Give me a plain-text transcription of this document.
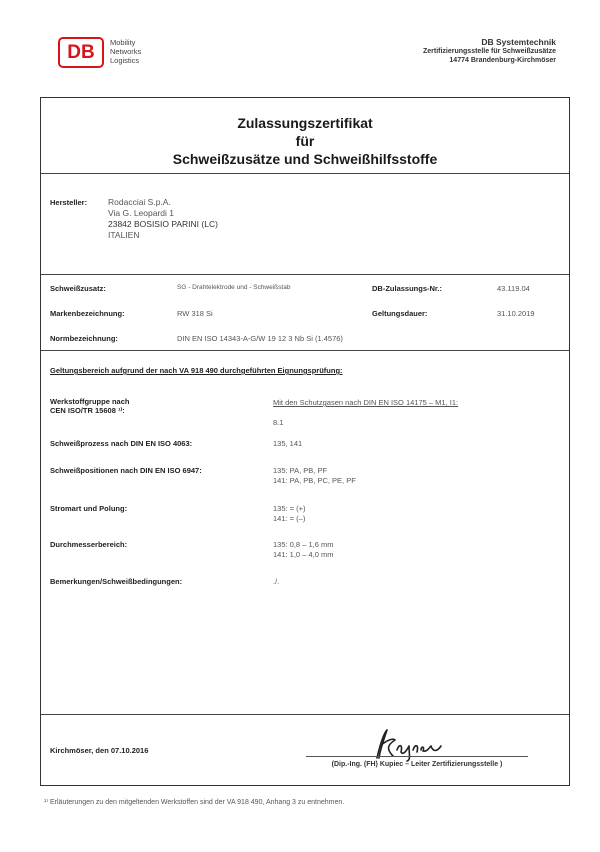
DB Mobility
Networks
Logistics
DB Systemtechnik
Zertifizierungsstelle für Schweißzusätze
14774 Brandenburg-Kirchmöser
Zulassungszertifikat
für
Schweißzusätze und Schweißhilfsstoffe
Hersteller: Rodacciai S.p.A.
Via G. Leopardi 1
23842 BOSISIO PARINI (LC)
ITALIEN
Schweißzusatz:	SG - Drahtelektrode und - Schweißstab	DB-Zulassungs-Nr.:	43.119.04
Markenbezeichnung:	RW 318 Si	Geltungsdauer:	31.10.2019
Normbezeichnung:	DIN EN ISO 14343-A-G/W 19 12 3 Nb Si (1.4576)
Geltungsbereich aufgrund der nach VA 918 490 durchgeführten Eignungsprüfung:
Werkstoffgruppe nach
CEN ISO/TR 15608 ¹⁾:
Mit den Schutzgasen nach DIN EN ISO 14175 – M1, I1:
8.1
Schweißprozess nach DIN EN ISO 4063:	135, 141
Schweißpositionen nach DIN EN ISO 6947:	135: PA, PB, PF
141: PA, PB, PC, PE, PF
Stromart und Polung:	135: = (+)
141: = (–)
Durchmesserbereich:	135: 0,8 – 1,6 mm
141: 1,0 – 4,0 mm
Bemerkungen/Schweißbedingungen:	./.
Kirchmöser, den 07.10.2016
(Dip.-Ing. (FH) Kupiec – Leiter Zertifizierungsstelle )
¹⁾ Erläuterungen zu den mitgeltenden Werkstoffen sind der VA 918 490, Anhang 3 zu entnehmen.
